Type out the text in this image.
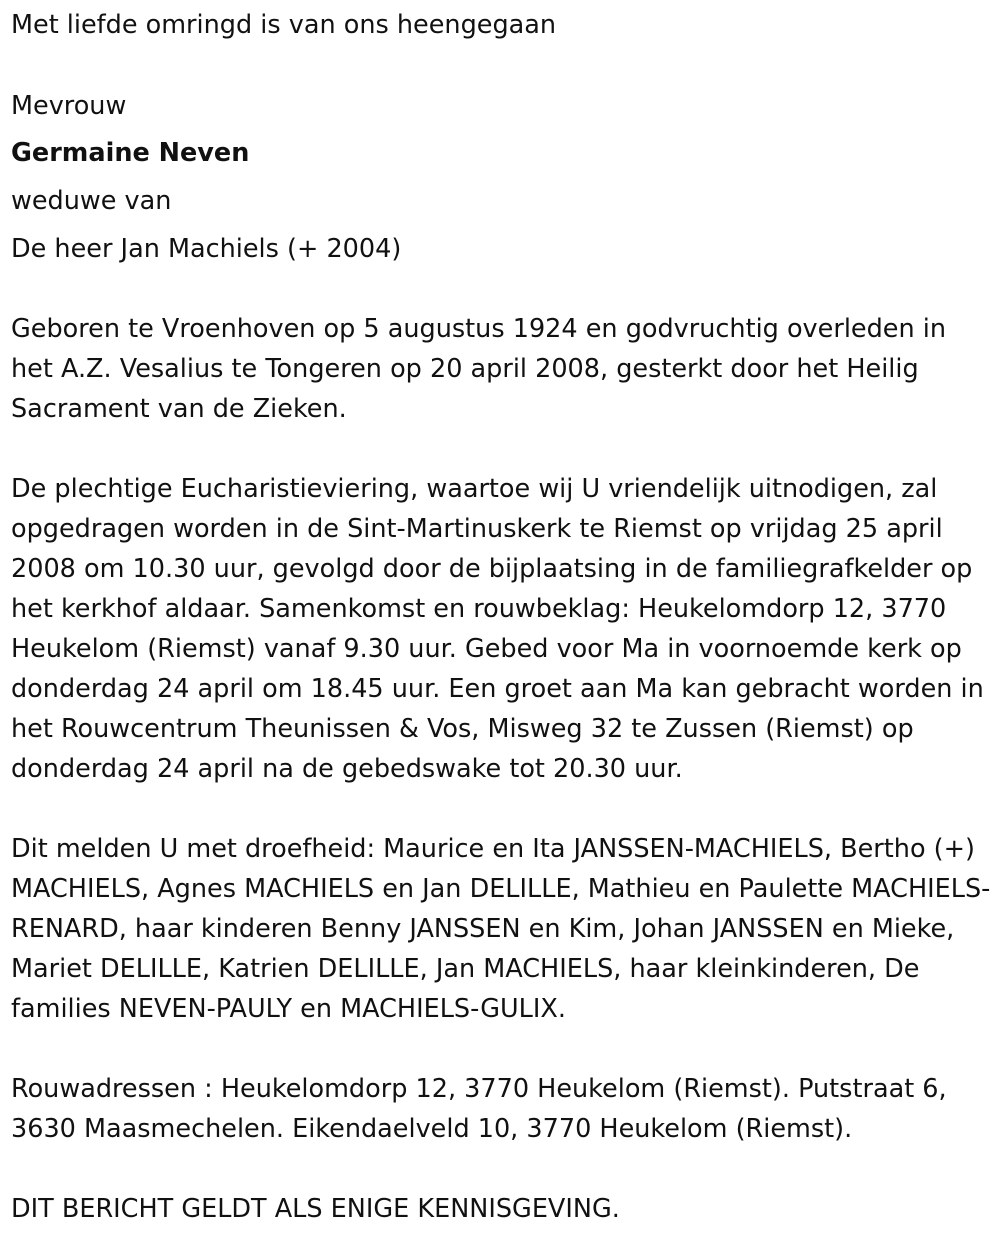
Met liefde omringd is van ons heengegaan

Mevrouw

Germaine Neven

weduwe van

De heer Jan Machiels (+ 2004)

Geboren te Vroenhoven op 5 augustus 1924 en godvruchtig overleden in het A.Z. Vesalius te Tongeren op 20 april 2008, gesterkt door het Heilig Sacrament van de Zieken.

De plechtige Eucharistieviering, waartoe wij U vriendelijk uitnodigen, zal opgedragen worden in de Sint-Martinuskerk te Riemst op vrijdag 25 april 2008 om 10.30 uur, gevolgd door de bijplaatsing in de familiegrafkelder op het kerkhof aldaar. Samenkomst en rouwbeklag: Heukelomdorp 12, 3770 Heukelom (Riemst) vanaf 9.30 uur. Gebed voor Ma in voornoemde kerk op donderdag 24 april om 18.45 uur. Een groet aan Ma kan gebracht worden in het Rouwcentrum Theunissen & Vos, Misweg 32 te Zussen (Riemst) op donderdag 24 april na de gebedswake tot 20.30 uur.

Dit melden U met droefheid: Maurice en Ita JANSSEN-MACHIELS, Bertho (+) MACHIELS, Agnes MACHIELS en Jan DELILLE, Mathieu en Paulette MACHIELS-RENARD, haar kinderen Benny JANSSEN en Kim, Johan JANSSEN en Mieke, Mariet DELILLE, Katrien DELILLE, Jan MACHIELS, haar kleinkinderen, De families NEVEN-PAULY en MACHIELS-GULIX.

Rouwadressen : Heukelomdorp 12, 3770 Heukelom (Riemst). Putstraat 6, 3630 Maasmechelen. Eikendaelveld 10, 3770 Heukelom (Riemst).

DIT BERICHT GELDT ALS ENIGE KENNISGEVING.
